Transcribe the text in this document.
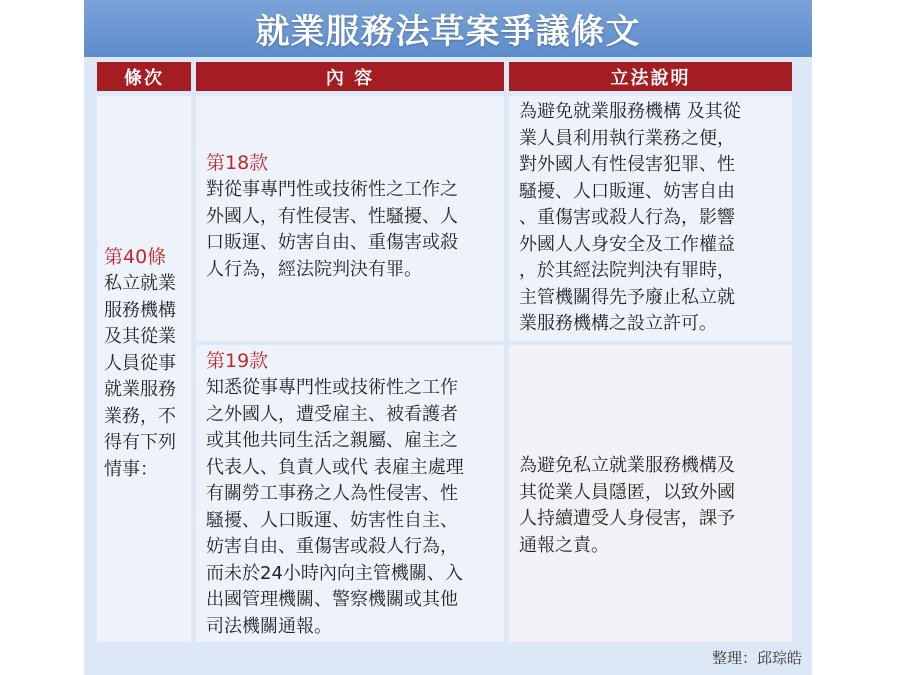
就業服務法草案爭議條文
條次	內 容	立法說明
第40條
私立就業
服務機構
及其從業
人員從事
就業服務
業務，不
得有下列
情事：
第18款
對從事專門性或技術性之工作之
外國人，有性侵害、性騷擾、人
口販運、妨害自由、重傷害或殺
人行為，經法院判決有罪。
為避免就業服務機構 及其從
業人員利用執行業務之便，
對外國人有性侵害犯罪、性
騷擾、人口販運、妨害自由
、重傷害或殺人行為，影響
外國人人身安全及工作權益
，於其經法院判決有罪時，
主管機關得先予廢止私立就
業服務機構之設立許可。
第19款
知悉從事專門性或技術性之工作
之外國人，遭受雇主、被看護者
或其他共同生活之親屬、雇主之
代表人、負責人或代 表雇主處理
有關勞工事務之人為性侵害、性
騷擾、人口販運、妨害性自主、
妨害自由、重傷害或殺人行為，
而未於24小時內向主管機關、入
出國管理機關、警察機關或其他
司法機關通報。
為避免私立就業服務機構及
其從業人員隱匿，以致外國
人持續遭受人身侵害，課予
通報之責。
整理：邱琮皓
